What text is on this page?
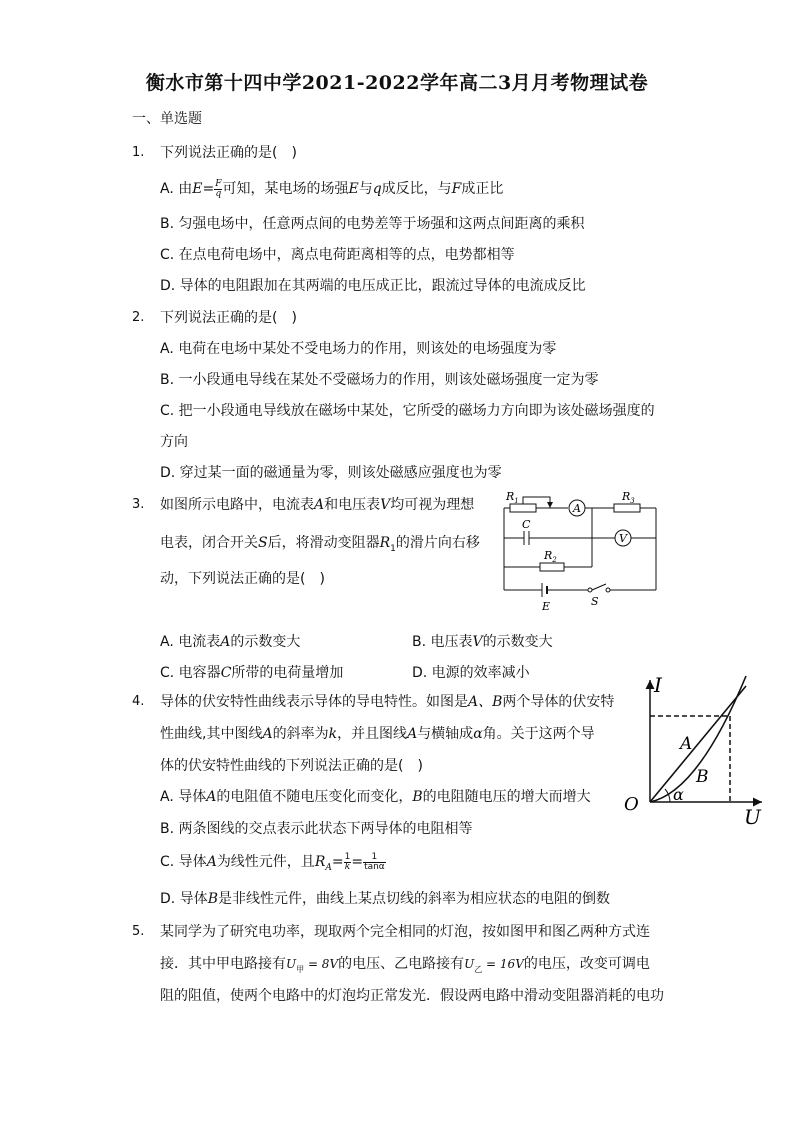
衡水市第十四中学2021-2022学年高二3月月考物理试卷
一、单选题
1. 下列说法正确的是(　)
A. 由$E= \frac{F}{q}$ 可知，某电场的场强E与q成反比，与F成正比
B. 匀强电场中，任意两点间的电势差等于场强和这两点间距离的乘积
C. 在点电荷电场中，离点电荷距离相等的点，电势都相等
D. 导体的电阻跟加在其两端的电压成正比，跟流过导体的电流成反比
2. 下列说法正确的是(　)
A. 电荷在电场中某处不受电场力的作用，则该处的电场强度为零
B. 一小段通电导线在某处不受磁场力的作用，则该处磁场强度一定为零
C. 把一小段通电导线放在磁场中某处，它所受的磁场力方向即为该处磁场强度的
方向
D. 穿过某一面的磁通量为零，则该处磁感应强度也为零
3. 如图所示电路中，电流表A和电压表V均可视为理想
电表，闭合开关S后，将滑动变阻器$R_1$的滑片向右移
动，下列说法正确的是(　)
$R_1$
A
$R_3$
C
V
$R_2$
E	S
A. 电流表A的示数变大	B. 电压表V的示数变大
C. 电容器C所带的电荷量增加	D. 电源的效率减小
4. 导体的伏安特性曲线表示导体的导电特性。如图是A、B两个导体的伏安特
性曲线,其中图线A的斜率为k，并且图线A与横轴成α角。关于这两个导
体的伏安特性曲线的下列说法正确的是(　)
A. 导体A的电阻值不随电压变化而变化，B的电阻随电压的增大而增大
B. 两条图线的交点表示此状态下两导体的电阻相等
C. 导体A为线性元件，且$R_A= \frac{1}{k} = \frac{1}{\tan\alpha}$
D. 导体B是非线性元件，曲线上某点切线的斜率为相应状态的电阻的倒数
I
U
O
A
B
α
5. 某同学为了研究电功率，现取两个完全相同的灯泡，按如图甲和图乙两种方式连
接．其中甲电路接有$U_甲 = 8V$的电压、乙电路接有$U_乙 = 16V$的电压，改变可调电
阻的阻值，使两个电路中的灯泡均正常发光．假设两电路中滑动变阻器消耗的电功
